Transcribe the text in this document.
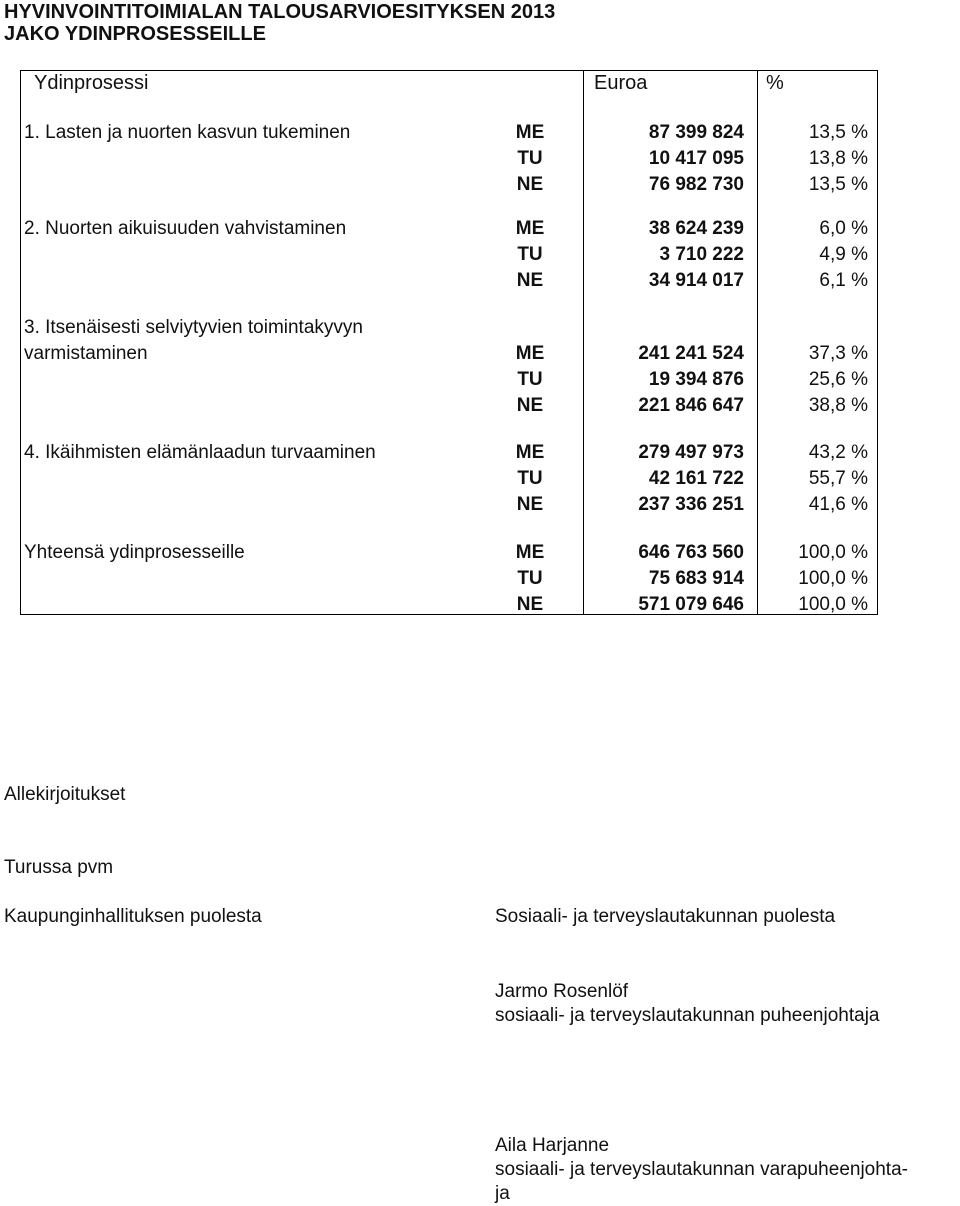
HYVINVOINTITOIMIALAN TALOUSARVIOESITYKSEN 2013
JAKO YDINPROSESSEILLE
Ydinprosessi	Euroa	%
1. Lasten ja nuorten kasvun tukeminen	ME	87 399 824	13,5 %
TU	10 417 095	13,8 %
NE	76 982 730	13,5 %
2. Nuorten aikuisuuden vahvistaminen	ME	38 624 239	6,0 %
TU	3 710 222	4,9 %
NE	34 914 017	6,1 %
3. Itsenäisesti selviytyvien toimintakyvyn
varmistaminen	ME	241 241 524	37,3 %
TU	19 394 876	25,6 %
NE	221 846 647	38,8 %
4. Ikäihmisten elämänlaadun turvaaminen	ME	279 497 973	43,2 %
TU	42 161 722	55,7 %
NE	237 336 251	41,6 %
Yhteensä ydinprosesseille	ME	646 763 560	100,0 %
TU	75 683 914	100,0 %
NE	571 079 646	100,0 %
Allekirjoitukset
Turussa pvm
Kaupunginhallituksen puolesta	Sosiaali- ja terveyslautakunnan puolesta
Jarmo Rosenlöf
sosiaali- ja terveyslautakunnan puheenjohtaja
Aila Harjanne
sosiaali- ja terveyslautakunnan varapuheenjohta-
ja
